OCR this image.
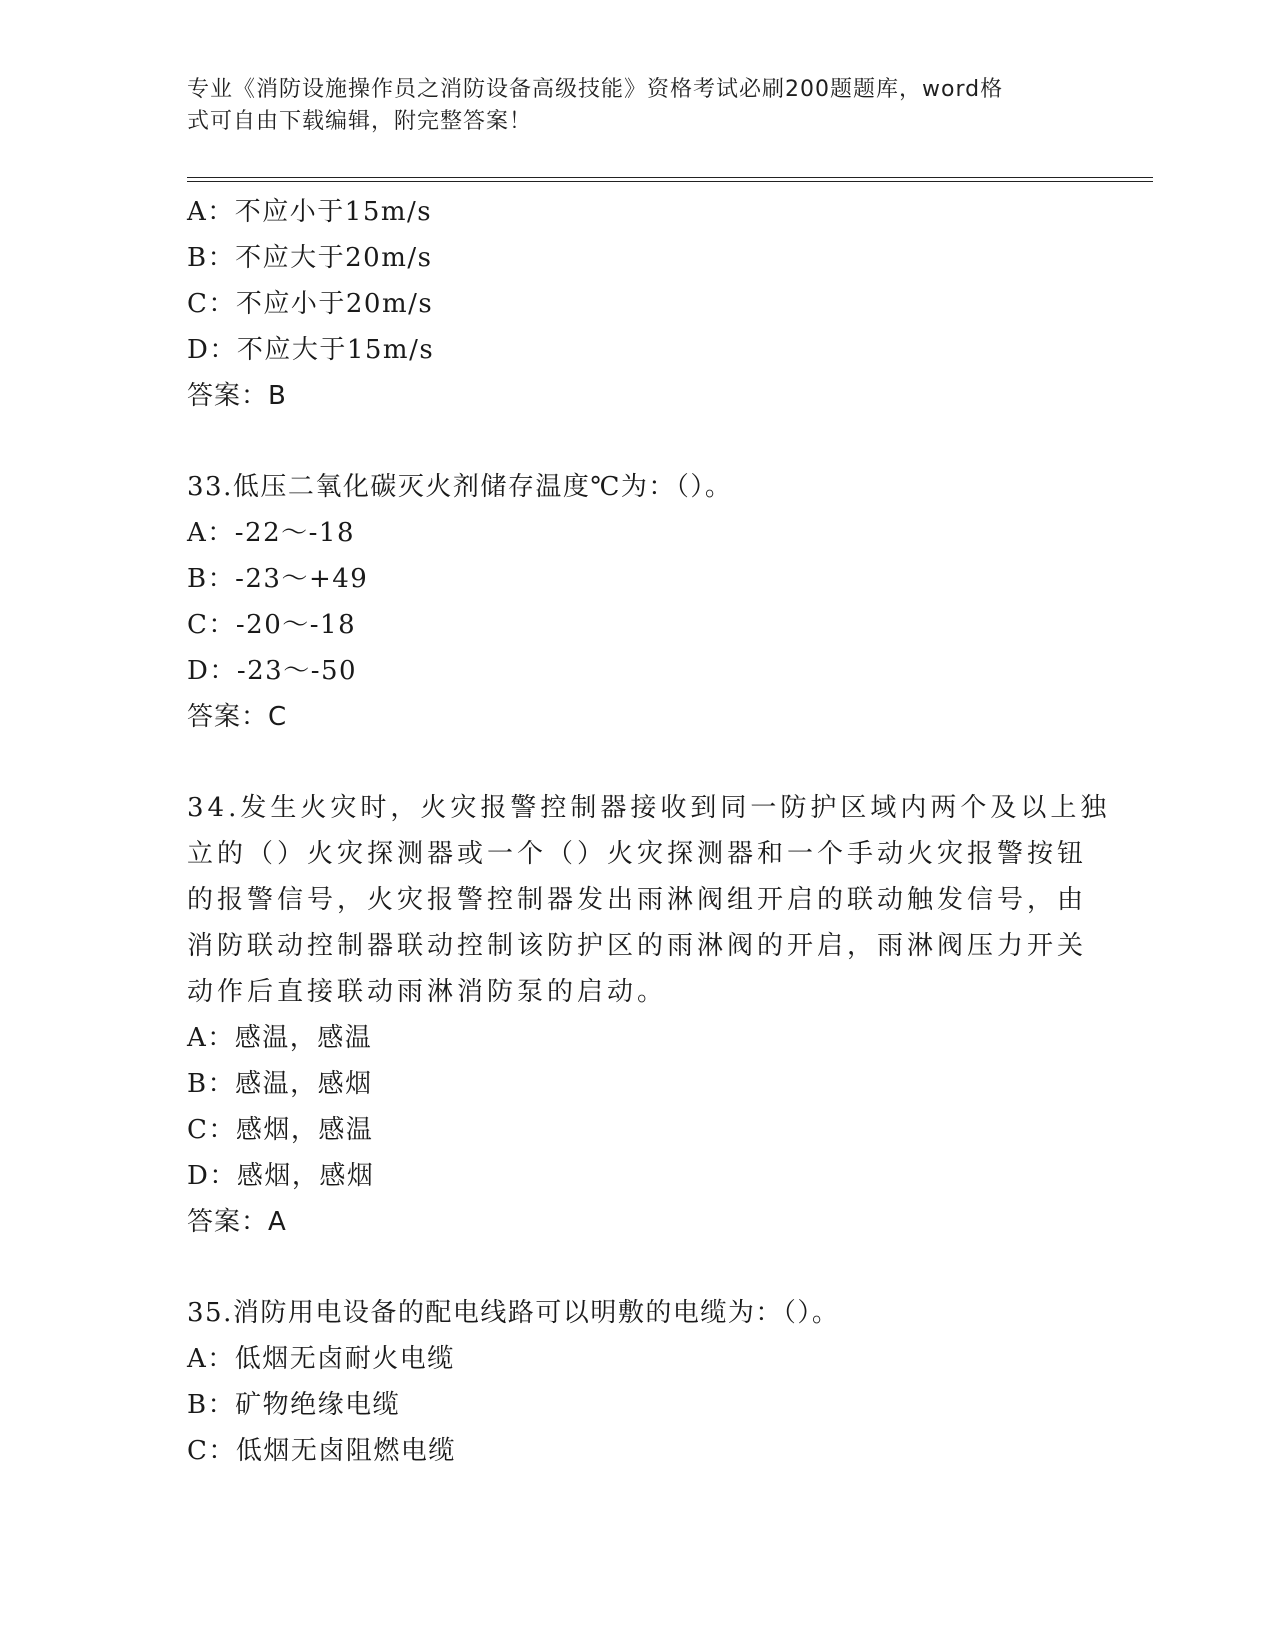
专业《消防设施操作员之消防设备高级技能》资格考试必刷200题题库，word格
式可自由下载编辑，附完整答案！
A：不应小于15m/s
B：不应大于20m/s
C：不应小于20m/s
D：不应大于15m/s
答案：B
33.低压二氧化碳灭火剂储存温度℃为：（）。
A：-22～-18
B：-23～+49
C：-20～-18
D：-23～-50
答案：C
34.发生火灾时，火灾报警控制器接收到同一防护区域内两个及以上独
立的（）火灾探测器或一个（）火灾探测器和一个手动火灾报警按钮
的报警信号，火灾报警控制器发出雨淋阀组开启的联动触发信号，由
消防联动控制器联动控制该防护区的雨淋阀的开启，雨淋阀压力开关
动作后直接联动雨淋消防泵的启动。
A：感温，感温
B：感温，感烟
C：感烟，感温
D：感烟，感烟
答案：A
35.消防用电设备的配电线路可以明敷的电缆为：（）。
A：低烟无卤耐火电缆
B：矿物绝缘电缆
C：低烟无卤阻燃电缆
